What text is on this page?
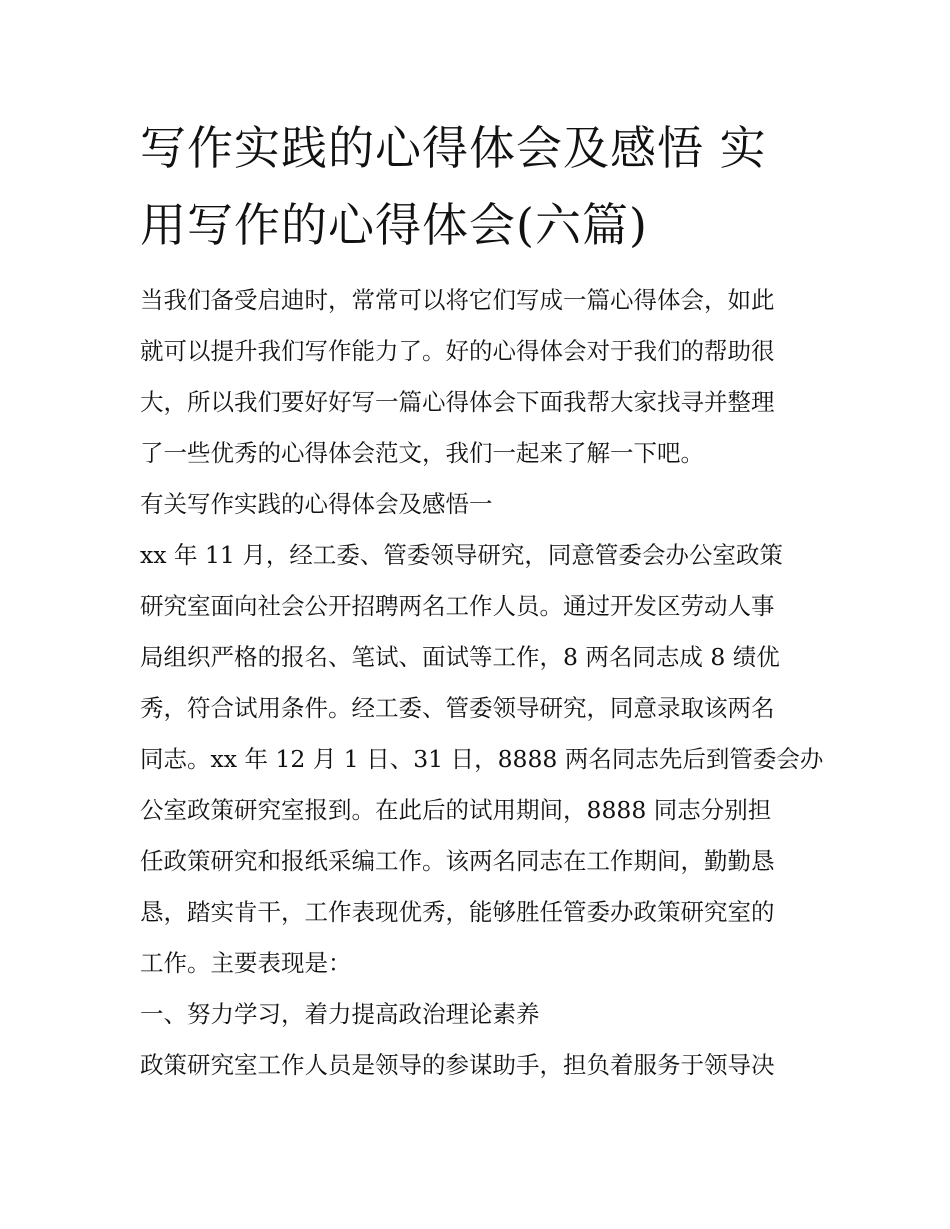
写作实践的心得体会及感悟 实
用写作的心得体会(六篇)
当我们备受启迪时，常常可以将它们写成一篇心得体会，如此
就可以提升我们写作能力了。好的心得体会对于我们的帮助很
大，所以我们要好好写一篇心得体会下面我帮大家找寻并整理
了一些优秀的心得体会范文，我们一起来了解一下吧。
有关写作实践的心得体会及感悟一
xx 年 11 月，经工委、管委领导研究，同意管委会办公室政策
研究室面向社会公开招聘两名工作人员。通过开发区劳动人事
局组织严格的报名、笔试、面试等工作，8 两名同志成 8 绩优
秀，符合试用条件。经工委、管委领导研究，同意录取该两名
同志。xx 年 12 月 1 日、31 日，8888 两名同志先后到管委会办
公室政策研究室报到。在此后的试用期间，8888 同志分别担
任政策研究和报纸采编工作。该两名同志在工作期间，勤勤恳
恳，踏实肯干，工作表现优秀，能够胜任管委办政策研究室的
工作。主要表现是：
一、努力学习，着力提高政治理论素养
政策研究室工作人员是领导的参谋助手，担负着服务于领导决
